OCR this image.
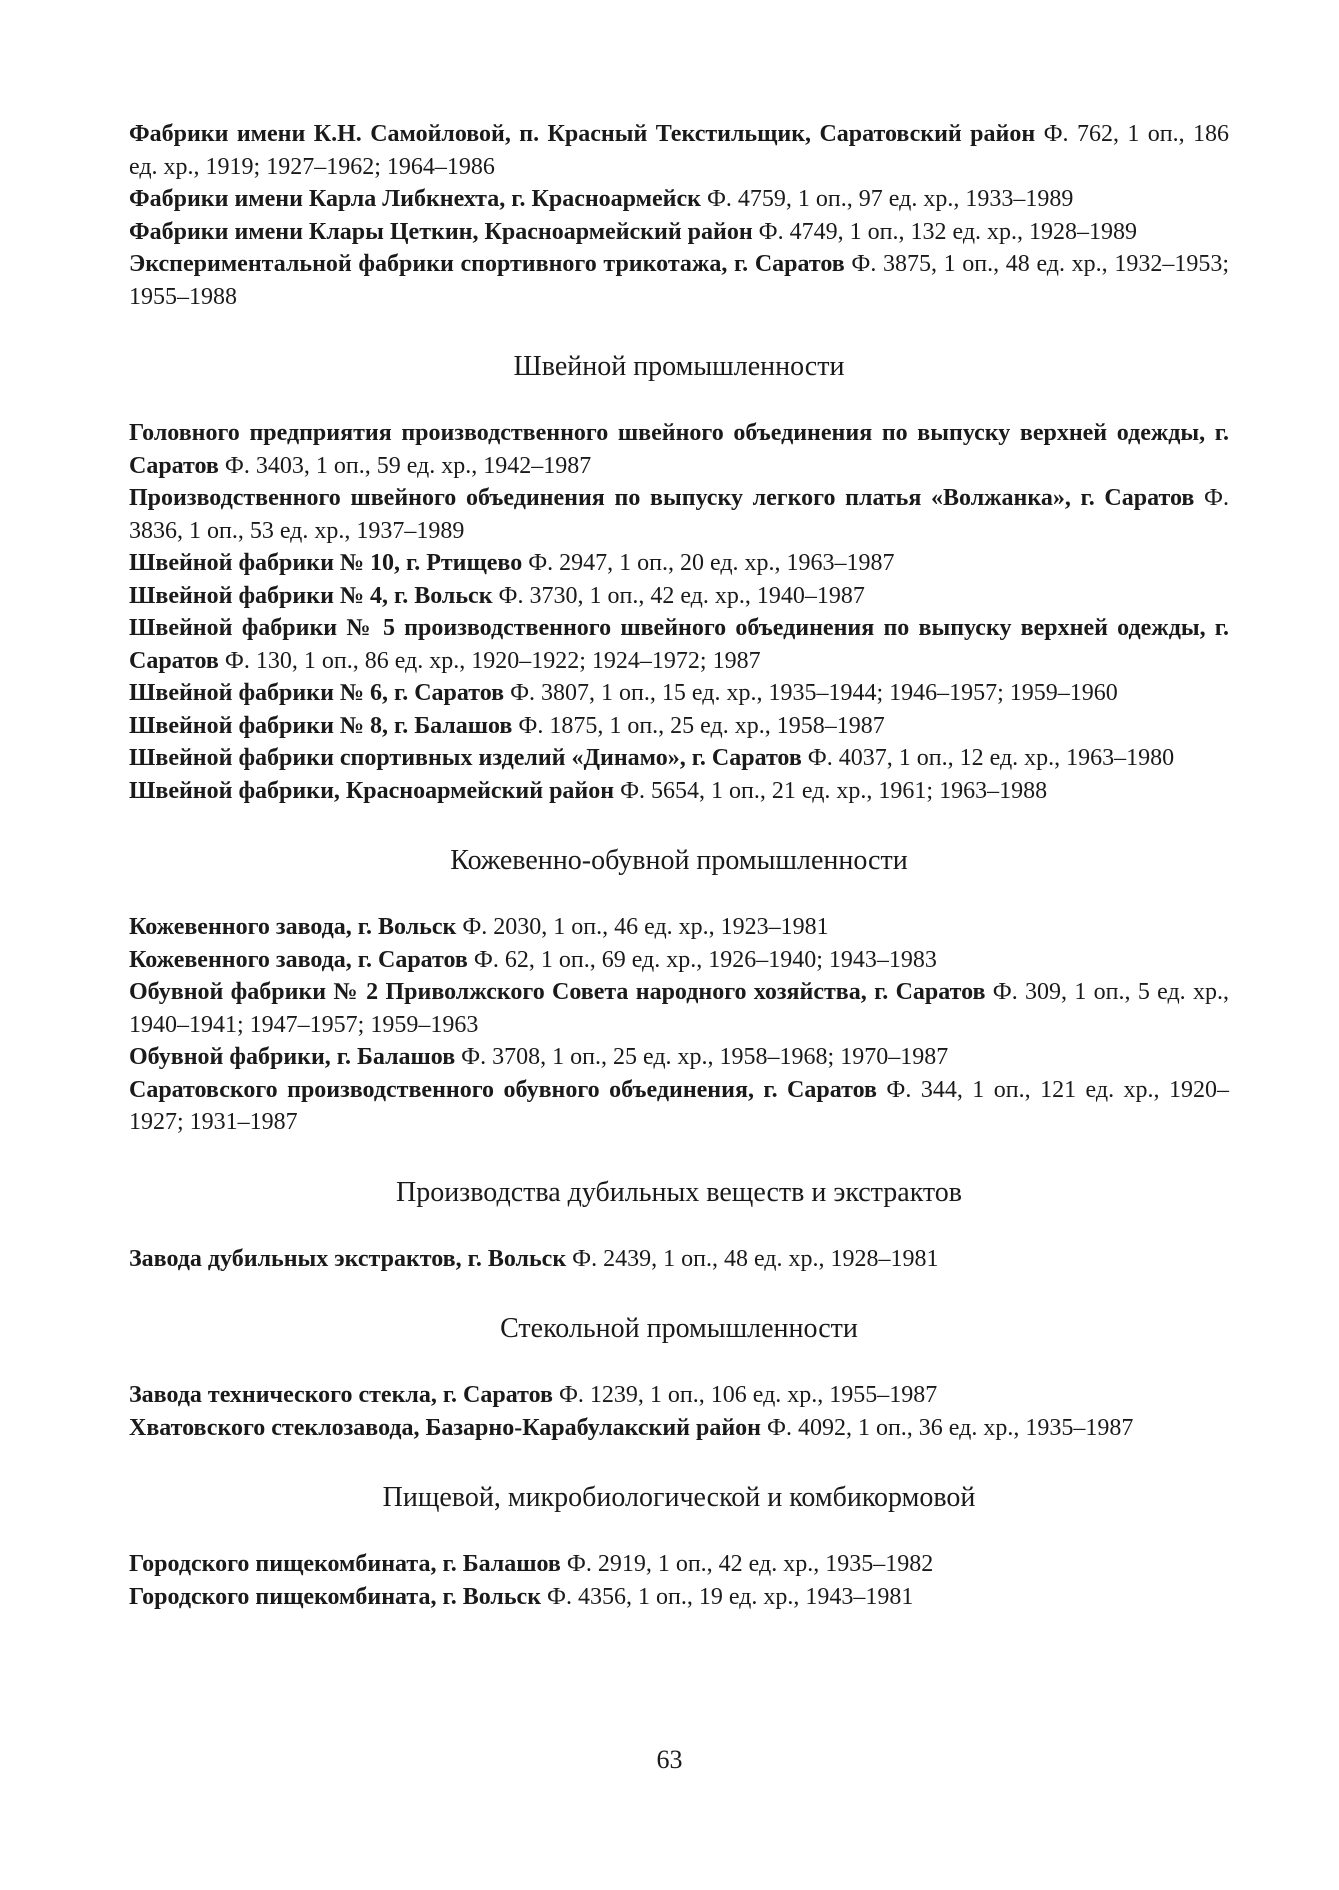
Фабрики имени К.Н. Самойловой, п. Красный Текстильщик, Саратовский район Ф. 762, 1 оп., 186 ед. хр., 1919; 1927–1962; 1964–1986

Фабрики имени Карла Либкнехта, г. Красноармейск Ф. 4759, 1 оп., 97 ед. хр., 1933–1989

Фабрики имени Клары Цеткин, Красноармейский район Ф. 4749, 1 оп., 132 ед. хр., 1928–1989

Экспериментальной фабрики спортивного трикотажа, г. Саратов Ф. 3875, 1 оп., 48 ед. хр., 1932–1953; 1955–1988

Швейной промышленности

Головного предприятия производственного швейного объединения по выпуску верхней одежды, г. Саратов Ф. 3403, 1 оп., 59 ед. хр., 1942–1987

Производственного швейного объединения по выпуску легкого платья «Волжанка», г. Саратов Ф. 3836, 1 оп., 53 ед. хр., 1937–1989

Швейной фабрики № 10, г. Ртищево Ф. 2947, 1 оп., 20 ед. хр., 1963–1987

Швейной фабрики № 4, г. Вольск Ф. 3730, 1 оп., 42 ед. хр., 1940–1987

Швейной фабрики № 5 производственного швейного объединения по выпуску верхней одежды, г. Саратов Ф. 130, 1 оп., 86 ед. хр., 1920–1922; 1924–1972; 1987

Швейной фабрики № 6, г. Саратов Ф. 3807, 1 оп., 15 ед. хр., 1935–1944; 1946–1957; 1959–1960

Швейной фабрики № 8, г. Балашов Ф. 1875, 1 оп., 25 ед. хр., 1958–1987

Швейной фабрики спортивных изделий «Динамо», г. Саратов Ф. 4037, 1 оп., 12 ед. хр., 1963–1980

Швейной фабрики, Красноармейский район Ф. 5654, 1 оп., 21 ед. хр., 1961; 1963–1988

Кожевенно-обувной промышленности

Кожевенного завода, г. Вольск Ф. 2030, 1 оп., 46 ед. хр., 1923–1981

Кожевенного завода, г. Саратов Ф. 62, 1 оп., 69 ед. хр., 1926–1940; 1943–1983

Обувной фабрики № 2 Приволжского Совета народного хозяйства, г. Саратов Ф. 309, 1 оп., 5 ед. хр., 1940–1941; 1947–1957; 1959–1963

Обувной фабрики, г. Балашов Ф. 3708, 1 оп., 25 ед. хр., 1958–1968; 1970–1987

Саратовского производственного обувного объединения, г. Саратов Ф. 344, 1 оп., 121 ед. хр., 1920–1927; 1931–1987

Производства дубильных веществ и экстрактов

Завода дубильных экстрактов, г. Вольск Ф. 2439, 1 оп., 48 ед. хр., 1928–1981

Стекольной промышленности

Завода технического стекла, г. Саратов Ф. 1239, 1 оп., 106 ед. хр., 1955–1987

Хватовского стеклозавода, Базарно-Карабулакский район Ф. 4092, 1 оп., 36 ед. хр., 1935–1987

Пищевой, микробиологической и комбикормовой

Городского пищекомбината, г. Балашов Ф. 2919, 1 оп., 42 ед. хр., 1935–1982

Городского пищекомбината, г. Вольск Ф. 4356, 1 оп., 19 ед. хр., 1943–1981

63
